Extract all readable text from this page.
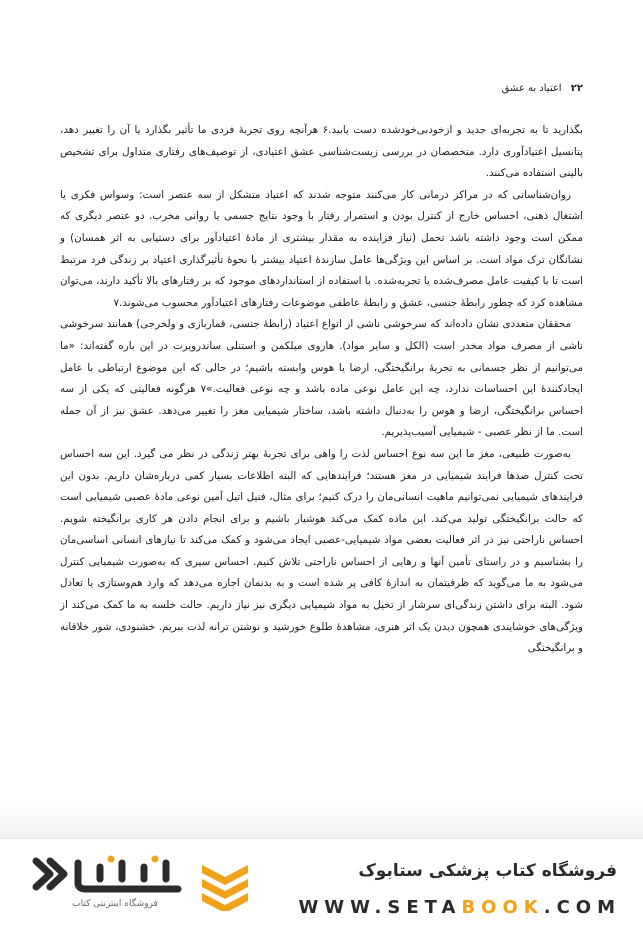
۲۲ اعتیاد به عشق

بگذارید تا به تجربه‌ای جدید و ازخودبی‌خودشده دست یابید.۶ هرآنچه روی تجربهٔ فردی ما تأثیر بگذارد یا آن را تغییر دهد، پتانسیل اعتیادآوری دارد. متخصصان در بررسی زیست‌شناسی عشق اعتیادی، از توصیف‌های رفتاری متداول برای تشخیص بالینی استفاده می‌کنند.

روان‌شناسانی که در مراکز درمانی کار می‌کنند متوجه شدند که اعتیاد متشکل از سه عنصر است: وسواس فکری یا اشتغال ذهنی، احساس خارج از کنترل بودن و استمرار رفتار با وجود نتایج جسمی یا روانی مخرب. دو عنصر دیگری که ممکن است وجود داشته باشد تحمل (نیاز فزاینده به مقدار بیشتری از مادهٔ اعتیادآور برای دستیابی به اثر همسان) و نشانگان ترک مواد است. بر اساس این ویژگی‌ها عامل سازندهٔ اعتیاد بیشتر با نحوهٔ تأثیرگذاری اعتیاد بر زندگی فرد مرتبط است تا با کیفیت عامل مصرف‌شده یا تجربه‌شده. با استفاده از استانداردهای موجود که بر رفتارهای بالا تأکید دارند، می‌توان مشاهده کرد که چطور رابطهٔ جنسی، عشق و رابطهٔ عاطفی‌ موضوعات رفتارهای اعتیادآور محسوب می‌شوند.۷

محققان متعددی نشان داده‌اند که سرخوشی ناشی از انواع اعتیاد (رابطهٔ جنسی، قماربازی و ولخرجی) همانند سرخوشی ناشی از مصرف مواد مخدر است (الکل و سایر مواد). هاروی میلکمن و استنلی ساندرویرت در این باره گفته‌اند: «ما می‌توانیم از نظر جسمانی به تجربهٔ برانگیختگی، ارضا یا هوس وابسته باشیم؛ در حالی که این موضوع ارتباطی با عامل ایجادکنندهٔ این احساسات ندارد، چه این عامل نوعی ماده باشد و چه نوعی فعالیت.»۷ هرگونه فعالیتی که یکی از سه احساس برانگیختگی، ارضا و هوس را به‌دنبال داشته باشد، ساختار شیمیایی مغز را تغییر می‌دهد. عشق نیز از آن جمله است. ما از نظر عصبی - شیمیایی آسیب‌پذیریم.

به‌صورت طبیعی، مغز ما این سه نوع احساس لذت را واهی برای تجربهٔ بهتر زندگی در نظر می گیرد. این سه احساس تحت کنترل صدها فرایند شیمیایی در مغز هستند؛ فرایندهایی که البته اطلاعات بسیار کمی درباره‌شان داریم. بدون این فرایندهای شیمیایی نمی‌توانیم ماهیت انسانی‌مان را درک کنیم؛ برای مثال، فنیل اتیل آمین نوعی مادهٔ عصبی شیمیایی است که حالت برانگیختگی تولید می‌کند. این ماده کمک می‌کند هوشیار باشیم و برای انجام دادن هر کاری برانگیخته شویم. احساس ناراحتی نیز در اثر فعالیت بعضی مواد شیمیایی-عصبی ایجاد می‌شود و کمک می‌کند تا نیازهای انسانی اساسی‌مان را بشناسیم و در راستای تأمین آنها و رهایی از احساس ناراحتی تلاش کنیم. احساس سیری که به‌صورت شیمیایی کنترل می‌شود به ما می‌گوید که ظرفیتمان به اندازهٔ کافی پر شده است و به بدنمان اجازه می‌دهد که وارد هم‌وستازی یا تعادل شود. البته برای داشتن زندگی‌ای سرشار از تخیل به مواد شیمیایی دیگری نیز نیاز داریم. حالت خلسه به ما کمک می‌کند از ویژگی‌های خوشایندی همچون دیدن یک اثر هنری، مشاهدهٔ طلوع خورشید و نوشتن ترانه لذت ببریم. خشنودی، شور خلاقانه و برانگیختگی

فروشگاه اینترنتی کتاب
فروشگاه کتاب پزشکی ستابوک
WWW.SETABOOK.COM
